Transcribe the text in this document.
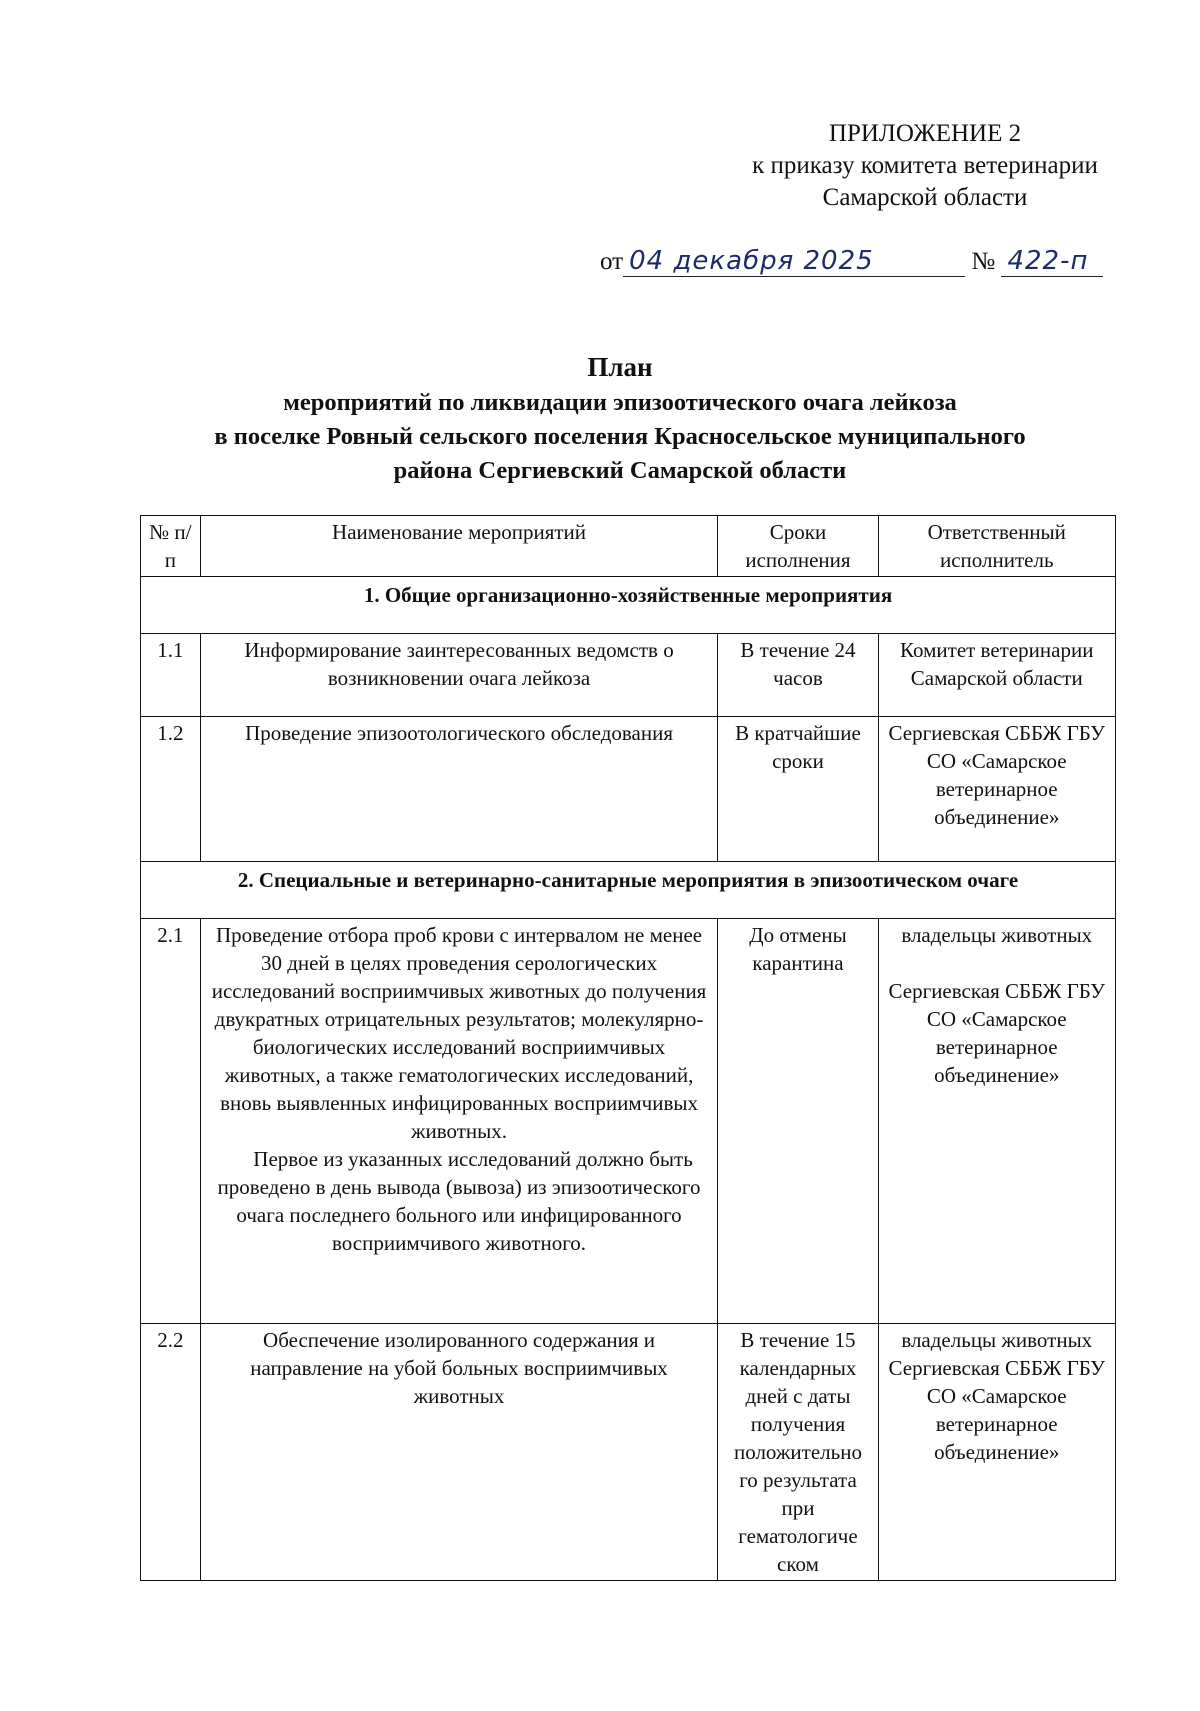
ПРИЛОЖЕНИЕ 2
к приказу комитета ветеринарии
Самарской области
от 04 декабря 2025	№ 422-п
План
мероприятий по ликвидации эпизоотического очага лейкоза
в поселке Ровный сельского поселения Красносельское муниципального
района Сергиевский Самарской области
№ п/п	Наименование мероприятий	Сроки исполнения	Ответственный исполнитель
1. Общие организационно-хозяйственные мероприятия			
1.1	Информирование заинтересованных ведомств о возникновении очага лейкоза	В течение 24 часов	Комитет ветеринарии Самарской области
1.2	Проведение эпизоотологического обследования	В кратчайшие сроки	Сергиевская СББЖ ГБУ СО «Самарское ветеринарное объединение»
2. Специальные и ветеринарно-санитарные мероприятия в эпизоотическом очаге			
2.1	Проведение отбора проб крови с интервалом не менее 30 дней в целях проведения серологических исследований восприимчивых животных до получения двукратных отрицательных результатов; молекулярно-биологических исследований восприимчивых животных, а также гематологических исследований, вновь выявленных инфицированных восприимчивых животных.
Первое из указанных исследований должно быть проведено в день вывода (вывоза) из эпизоотического очага последнего больного или инфицированного восприимчивого животного.	До отмены карантина	владельцы животных
Сергиевская СББЖ ГБУ СО «Самарское ветеринарное объединение»
2.2	Обеспечение изолированного содержания и направление на убой больных восприимчивых животных	В течение 15 календарных дней с даты получения положительно го результата при гематологиче ском	владельцы животных
Сергиевская СББЖ ГБУ СО «Самарское ветеринарное объединение»
